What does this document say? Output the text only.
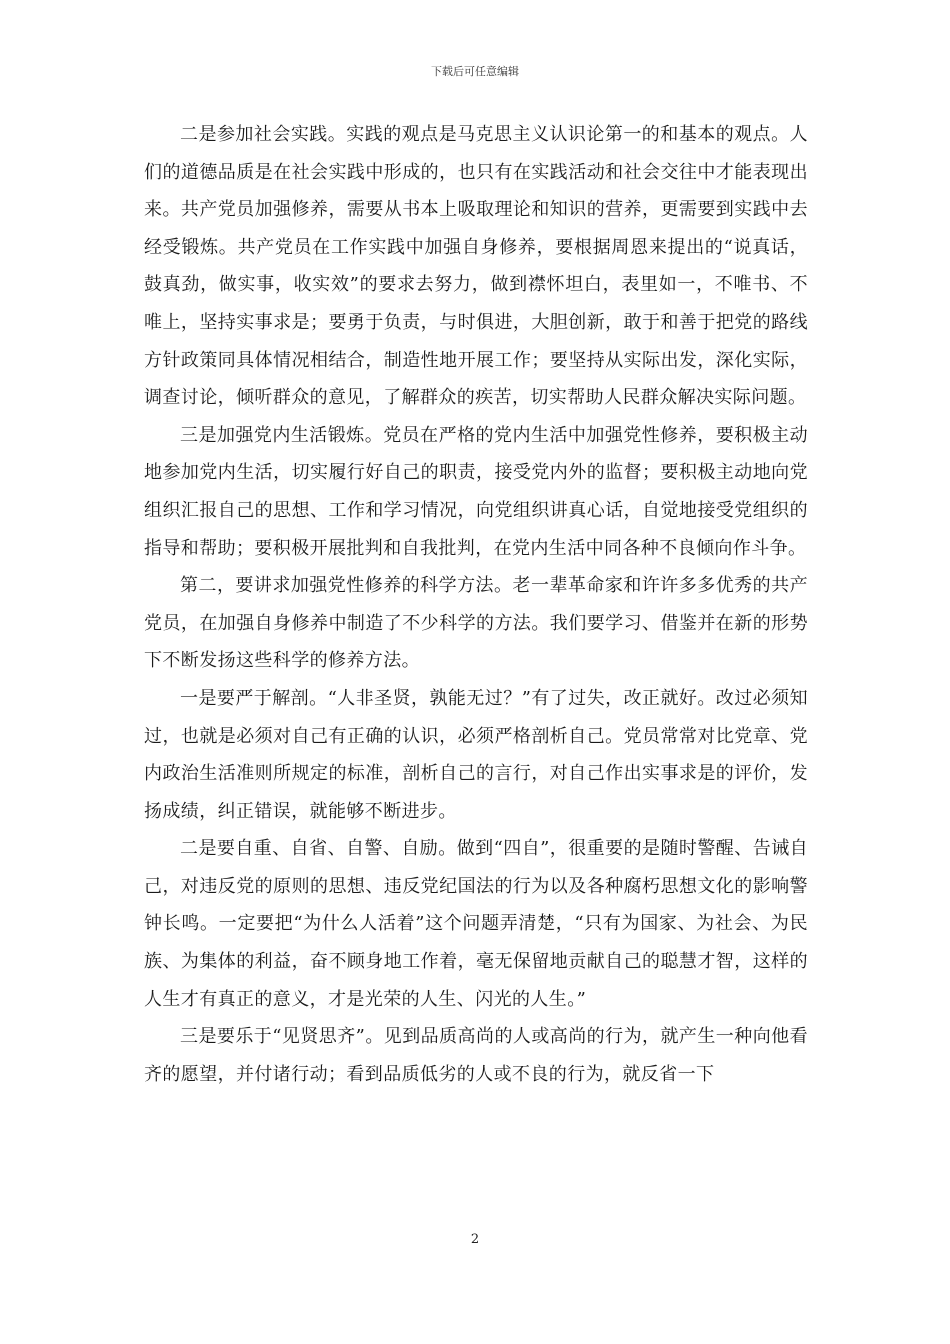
下载后可任意编辑

二是参加社会实践。实践的观点是马克思主义认识论第一的和基本的观点。人们的道德品质是在社会实践中形成的，也只有在实践活动和社会交往中才能表现出来。共产党员加强修养，需要从书本上吸取理论和知识的营养，更需要到实践中去经受锻炼。共产党员在工作实践中加强自身修养，要根据周恩来提出的“说真话，鼓真劲，做实事，收实效”的要求去努力，做到襟怀坦白，表里如一，不唯书、不唯上，坚持实事求是；要勇于负责，与时俱进，大胆创新，敢于和善于把党的路线方针政策同具体情况相结合，制造性地开展工作；要坚持从实际出发，深化实际，调查讨论，倾听群众的意见，了解群众的疾苦，切实帮助人民群众解决实际问题。

三是加强党内生活锻炼。党员在严格的党内生活中加强党性修养，要积极主动地参加党内生活，切实履行好自己的职责，接受党内外的监督；要积极主动地向党组织汇报自己的思想、工作和学习情况，向党组织讲真心话，自觉地接受党组织的指导和帮助；要积极开展批判和自我批判，在党内生活中同各种不良倾向作斗争。

第二，要讲求加强党性修养的科学方法。老一辈革命家和许许多多优秀的共产党员，在加强自身修养中制造了不少科学的方法。我们要学习、借鉴并在新的形势下不断发扬这些科学的修养方法。

一是要严于解剖。“人非圣贤，孰能无过？”有了过失，改正就好。改过必须知过，也就是必须对自己有正确的认识，必须严格剖析自己。党员常常对比党章、党内政治生活准则所规定的标准，剖析自己的言行，对自己作出实事求是的评价，发扬成绩，纠正错误，就能够不断进步。

二是要自重、自省、自警、自励。做到“四自”，很重要的是随时警醒、告诫自己，对违反党的原则的思想、违反党纪国法的行为以及各种腐朽思想文化的影响警钟长鸣。一定要把“为什么人活着”这个问题弄清楚，“只有为国家、为社会、为民族、为集体的利益，奋不顾身地工作着，毫无保留地贡献自己的聪慧才智，这样的人生才有真正的意义，才是光荣的人生、闪光的人生。”

三是要乐于“见贤思齐”。见到品质高尚的人或高尚的行为，就产生一种向他看齐的愿望，并付诸行动；看到品质低劣的人或不良的行为，就反省一下

2
